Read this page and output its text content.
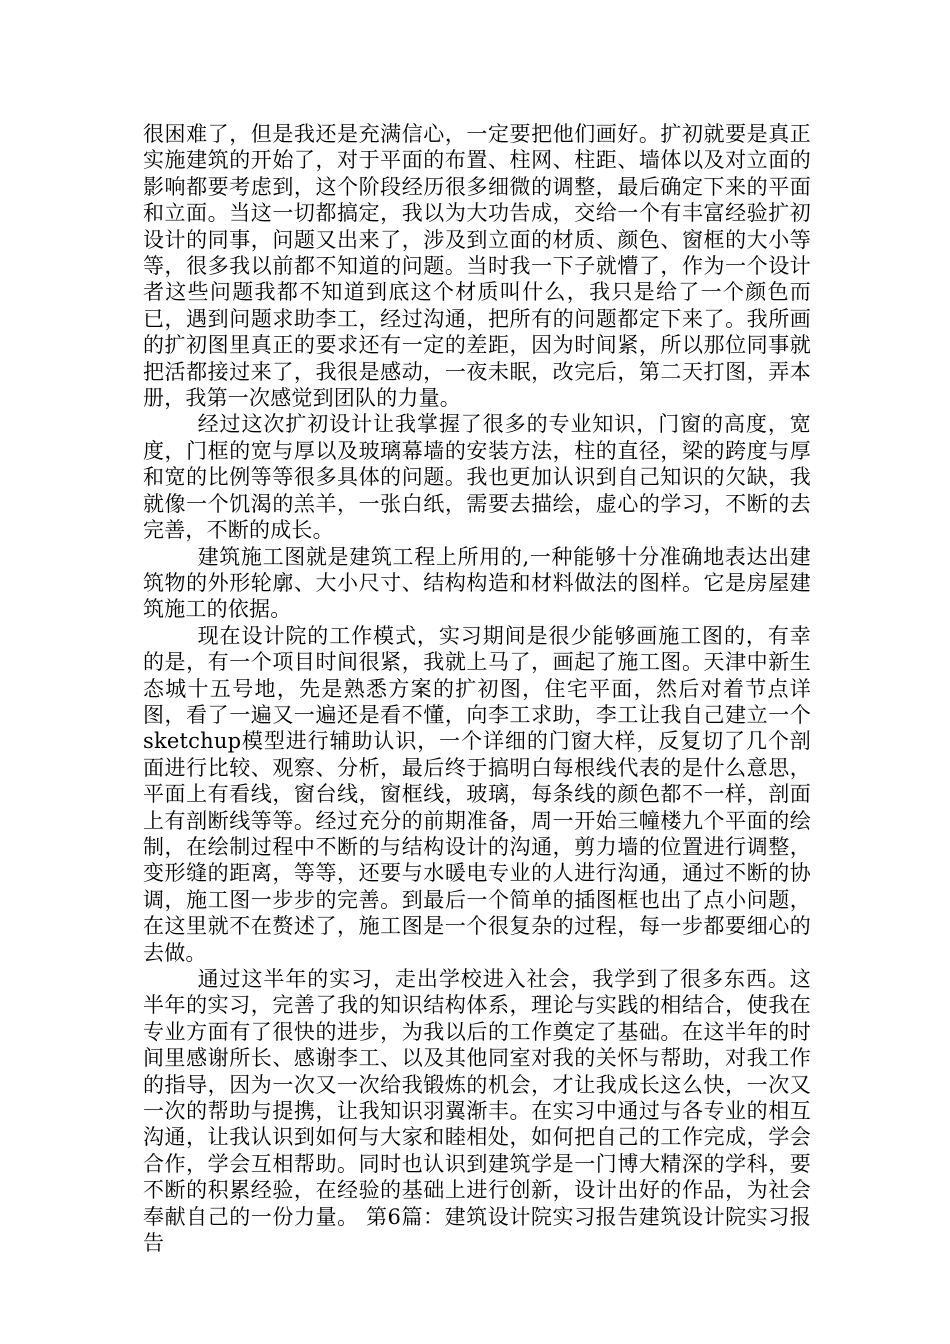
很困难了，但是我还是充满信心，一定要把他们画好。扩初就要是真正实施建筑的开始了，对于平面的布置、柱网、柱距、墙体以及对立面的影响都要考虑到，这个阶段经历很多细微的调整，最后确定下来的平面和立面。当这一切都搞定，我以为大功告成，交给一个有丰富经验扩初设计的同事，问题又出来了，涉及到立面的材质、颜色、窗框的大小等等，很多我以前都不知道的问题。当时我一下子就懵了，作为一个设计者这些问题我都不知道到底这个材质叫什么，我只是给了一个颜色而已，遇到问题求助李工，经过沟通，把所有的问题都定下来了。我所画的扩初图里真正的要求还有一定的差距，因为时间紧，所以那位同事就把活都接过来了，我很是感动，一夜未眠，改完后，第二天打图，弄本册，我第一次感觉到团队的力量。

经过这次扩初设计让我掌握了很多的专业知识，门窗的高度，宽度，门框的宽与厚以及玻璃幕墙的安装方法，柱的直径，梁的跨度与厚和宽的比例等等很多具体的问题。我也更加认识到自己知识的欠缺，我就像一个饥渴的羔羊，一张白纸，需要去描绘，虚心的学习，不断的去完善，不断的成长。

建筑施工图就是建筑工程上所用的,一种能够十分准确地表达出建筑物的外形轮廓、大小尺寸、结构构造和材料做法的图样。它是房屋建筑施工的依据。

现在设计院的工作模式，实习期间是很少能够画施工图的，有幸的是，有一个项目时间很紧，我就上马了，画起了施工图。天津中新生态城十五号地，先是熟悉方案的扩初图，住宅平面，然后对着节点详图，看了一遍又一遍还是看不懂，向李工求助，李工让我自己建立一个sketchup模型进行辅助认识，一个详细的门窗大样，反复切了几个剖面进行比较、观察、分析，最后终于搞明白每根线代表的是什么意思，平面上有看线，窗台线，窗框线，玻璃，每条线的颜色都不一样，剖面上有剖断线等等。经过充分的前期准备，周一开始三幢楼九个平面的绘制，在绘制过程中不断的与结构设计的沟通，剪力墙的位置进行调整，变形缝的距离，等等，还要与水暖电专业的人进行沟通，通过不断的协调，施工图一步步的完善。到最后一个简单的插图框也出了点小问题，在这里就不在赘述了，施工图是一个很复杂的过程，每一步都要细心的去做。

通过这半年的实习，走出学校进入社会，我学到了很多东西。这半年的实习，完善了我的知识结构体系，理论与实践的相结合，使我在专业方面有了很快的进步，为我以后的工作奠定了基础。在这半年的时间里感谢所长、感谢李工、以及其他同室对我的关怀与帮助，对我工作的指导，因为一次又一次给我锻炼的机会，才让我成长这么快，一次又一次的帮助与提携，让我知识羽翼渐丰。在实习中通过与各专业的相互沟通，让我认识到如何与大家和睦相处，如何把自己的工作完成，学会合作，学会互相帮助。同时也认识到建筑学是一门博大精深的学科，要不断的积累经验，在经验的基础上进行创新，设计出好的作品，为社会奉献自己的一份力量。 第6篇：建筑设计院实习报告建筑设计院实习报告
